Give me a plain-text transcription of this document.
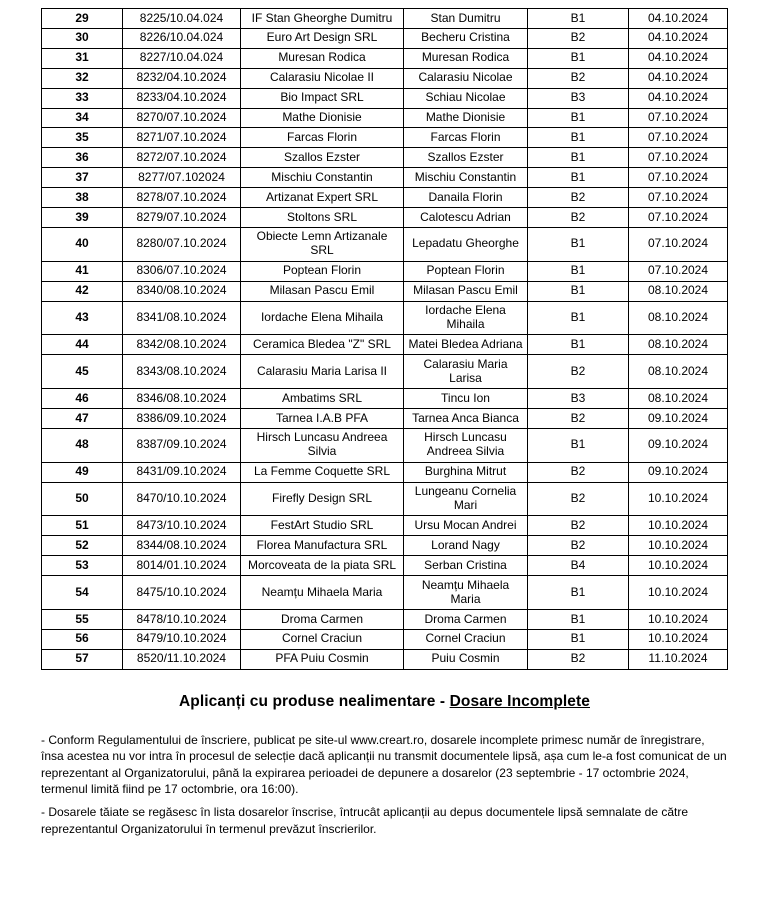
29	8225/10.04.024	IF Stan Gheorghe Dumitru	Stan Dumitru	B1	04.10.2024
30	8226/10.04.024	Euro Art Design SRL	Becheru Cristina	B2	04.10.2024
31	8227/10.04.024	Muresan Rodica	Muresan Rodica	B1	04.10.2024
32	8232/04.10.2024	Calarasiu Nicolae II	Calarasiu Nicolae	B2	04.10.2024
33	8233/04.10.2024	Bio Impact SRL	Schiau Nicolae	B3	04.10.2024
34	8270/07.10.2024	Mathe Dionisie	Mathe Dionisie	B1	07.10.2024
35	8271/07.10.2024	Farcas Florin	Farcas Florin	B1	07.10.2024
36	8272/07.10.2024	Szallos Ezster	Szallos Ezster	B1	07.10.2024
37	8277/07.102024	Mischiu Constantin	Mischiu Constantin	B1	07.10.2024
38	8278/07.10.2024	Artizanat Expert SRL	Danaila Florin	B2	07.10.2024
39	8279/07.10.2024	Stoltons SRL	Calotescu Adrian	B2	07.10.2024
40	8280/07.10.2024	Obiecte Lemn Artizanale SRL	Lepadatu Gheorghe	B1	07.10.2024
41	8306/07.10.2024	Poptean Florin	Poptean Florin	B1	07.10.2024
42	8340/08.10.2024	Milasan Pascu Emil	Milasan Pascu Emil	B1	08.10.2024
43	8341/08.10.2024	Iordache Elena Mihaila	Iordache Elena Mihaila	B1	08.10.2024
44	8342/08.10.2024	Ceramica Bledea "Z" SRL	Matei Bledea Adriana	B1	08.10.2024
45	8343/08.10.2024	Calarasiu Maria Larisa II	Calarasiu Maria Larisa	B2	08.10.2024
46	8346/08.10.2024	Ambatims SRL	Tincu Ion	B3	08.10.2024
47	8386/09.10.2024	Tarnea I.A.B PFA	Tarnea Anca Bianca	B2	09.10.2024
48	8387/09.10.2024	Hirsch Luncasu Andreea Silvia	Hirsch Luncasu Andreea Silvia	B1	09.10.2024
49	8431/09.10.2024	La Femme Coquette SRL	Burghina Mitrut	B2	09.10.2024
50	8470/10.10.2024	Firefly Design SRL	Lungeanu Cornelia Mari	B2	10.10.2024
51	8473/10.10.2024	FestArt Studio SRL	Ursu Mocan Andrei	B2	10.10.2024
52	8344/08.10.2024	Florea Manufactura SRL	Lorand Nagy	B2	10.10.2024
53	8014/01.10.2024	Morcoveata de la piata SRL	Serban Cristina	B4	10.10.2024
54	8475/10.10.2024	Neamțu Mihaela Maria	Neamțu Mihaela Maria	B1	10.10.2024
55	8478/10.10.2024	Droma Carmen	Droma Carmen	B1	10.10.2024
56	8479/10.10.2024	Cornel Craciun	Cornel Craciun	B1	10.10.2024
57	8520/11.10.2024	PFA Puiu Cosmin	Puiu Cosmin	B2	11.10.2024
Aplicanți cu produse nealimentare - Dosare Incomplete

- Conform Regulamentului de înscriere, publicat pe site-ul www.creart.ro, dosarele incomplete primesc număr de înregistrare, însa acestea nu vor intra în procesul de selecție dacă aplicanții nu transmit documentele lipsă, așa cum le-a fost comunicat de un reprezentant al Organizatorului, până la expirarea perioadei de depunere a dosarelor (23 septembrie - 17 octombrie 2024, termenul limită fiind pe 17 octombrie, ora 16:00).

- Dosarele tăiate se regăsesc în lista dosarelor înscrise, întrucât aplicanții au depus documentele lipsă semnalate de către reprezentantul Organizatorului în termenul prevăzut înscrierilor.
